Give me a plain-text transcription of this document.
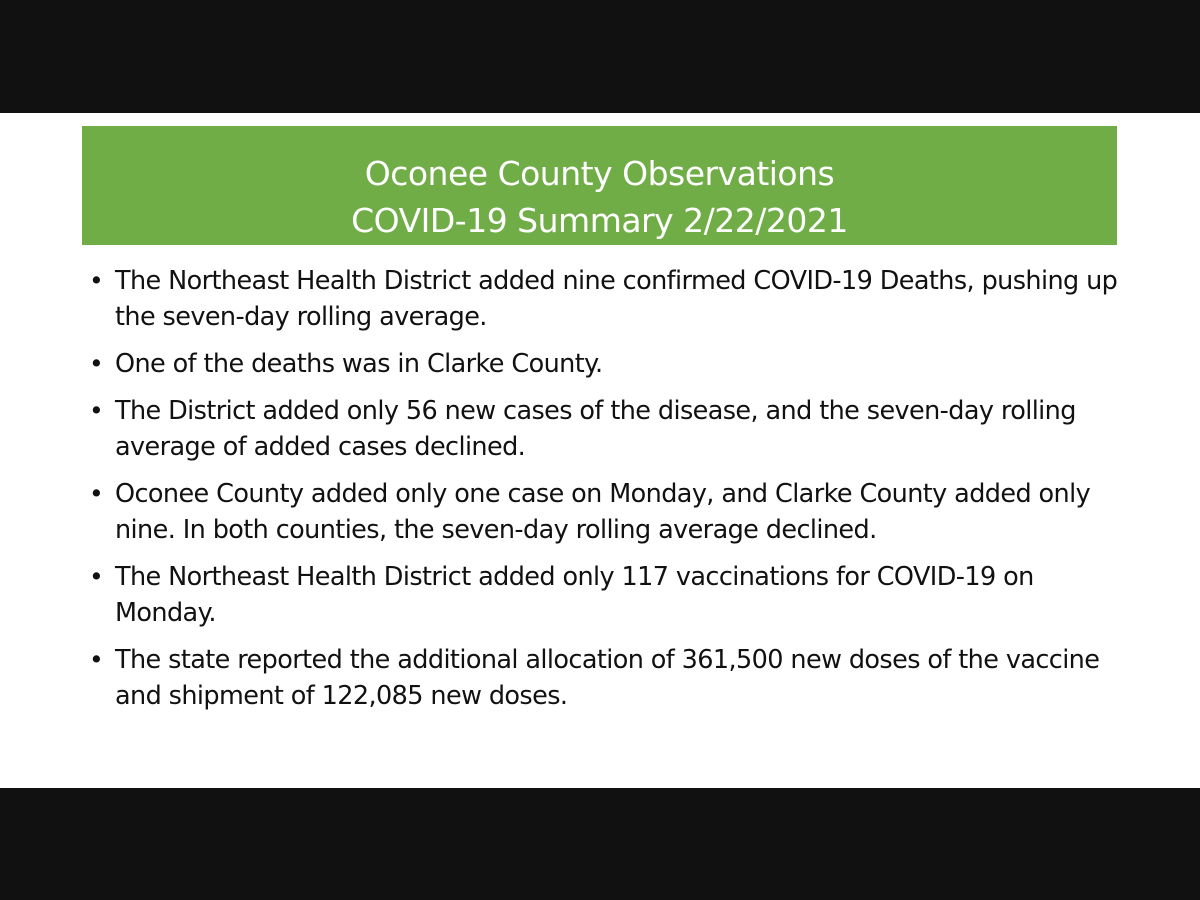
Oconee County Observations
COVID-19 Summary 2/22/2021
• The Northeast Health District added nine confirmed COVID-19 Deaths, pushing up the seven-day rolling average.
• One of the deaths was in Clarke County.
• The District added only 56 new cases of the disease, and the seven-day rolling average of added cases declined.
• Oconee County added only one case on Monday, and Clarke County added only nine. In both counties, the seven-day rolling average declined.
• The Northeast Health District added only 117 vaccinations for COVID-19 on Monday.
• The state reported the additional allocation of 361,500 new doses of the vaccine and shipment of 122,085 new doses.
